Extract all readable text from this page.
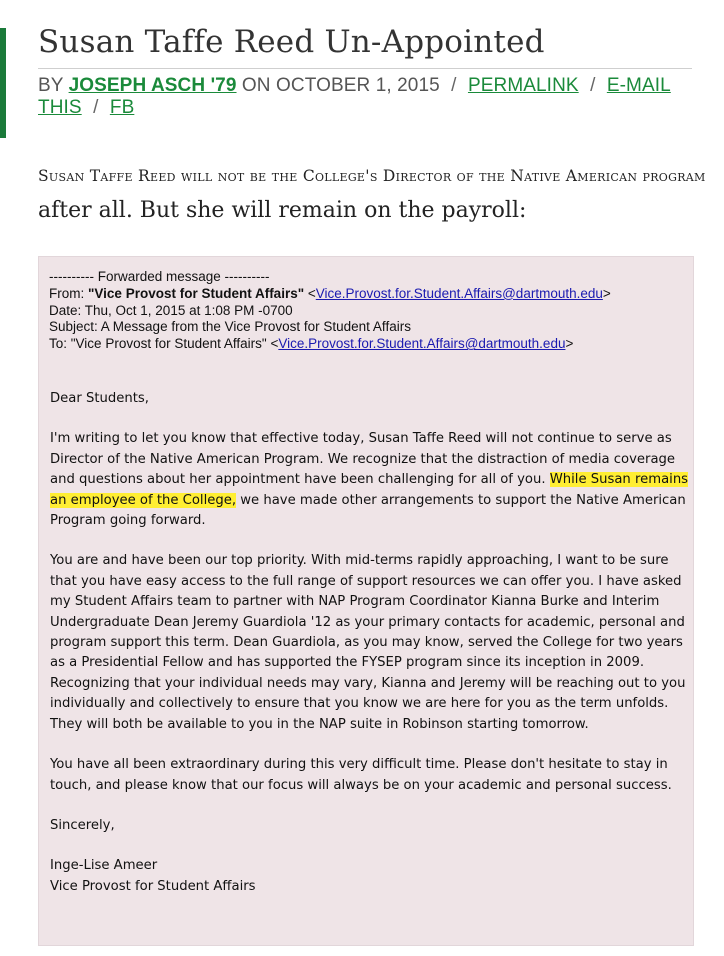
Susan Taffe Reed Un-Appointed
BY JOSEPH ASCH '79 ON OCTOBER 1, 2015 / PERMALINK / E-MAIL THIS / FB
Susan Taffe Reed will not be the College's Director of the Native American program
after all. But she will remain on the payroll:
---------- Forwarded message ----------
From: "Vice Provost for Student Affairs" <Vice.Provost.for.Student.Affairs@dartmouth.edu>
Date: Thu, Oct 1, 2015 at 1:08 PM -0700
Subject: A Message from the Vice Provost for Student Affairs
To: "Vice Provost for Student Affairs" <Vice.Provost.for.Student.Affairs@dartmouth.edu>

Dear Students,

I'm writing to let you know that effective today, Susan Taffe Reed will not continue to serve as Director of the Native American Program. We recognize that the distraction of media coverage and questions about her appointment have been challenging for all of you. While Susan remains an employee of the College, we have made other arrangements to support the Native American Program going forward.

You are and have been our top priority. With mid-terms rapidly approaching, I want to be sure that you have easy access to the full range of support resources we can offer you. I have asked my Student Affairs team to partner with NAP Program Coordinator Kianna Burke and Interim Undergraduate Dean Jeremy Guardiola '12 as your primary contacts for academic, personal and program support this term. Dean Guardiola, as you may know, served the College for two years as a Presidential Fellow and has supported the FYSEP program since its inception in 2009. Recognizing that your individual needs may vary, Kianna and Jeremy will be reaching out to you individually and collectively to ensure that you know we are here for you as the term unfolds. They will both be available to you in the NAP suite in Robinson starting tomorrow.

You have all been extraordinary during this very difficult time. Please don't hesitate to stay in touch, and please know that our focus will always be on your academic and personal success.

Sincerely,

Inge-Lise Ameer
Vice Provost for Student Affairs
